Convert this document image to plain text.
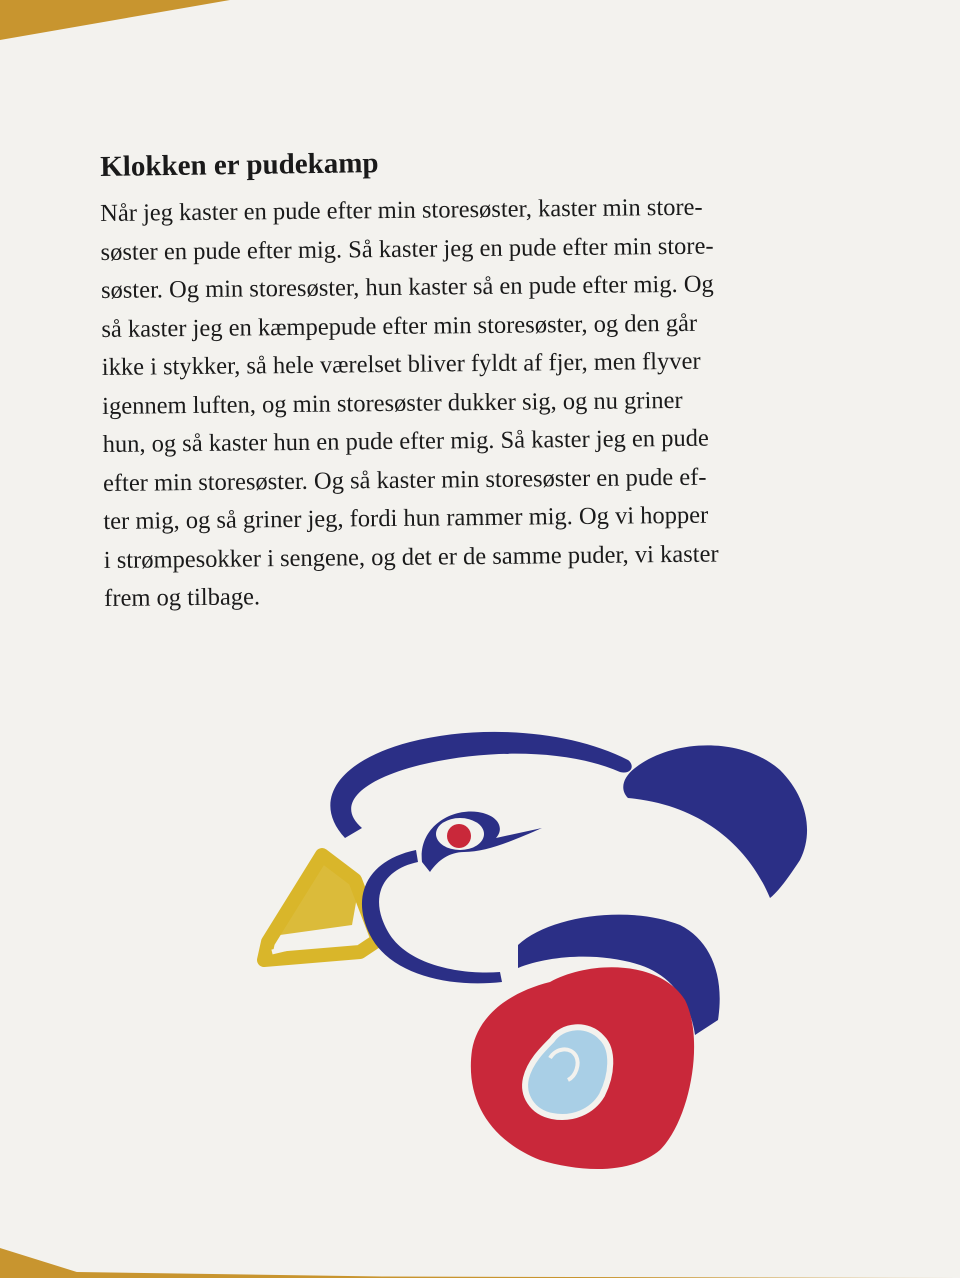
Klokken er pudekamp

Når jeg kaster en pude efter min storesøster, kaster min store-
søster en pude efter mig. Så kaster jeg en pude efter min store-
søster. Og min storesøster, hun kaster så en pude efter mig. Og
så kaster jeg en kæmpepude efter min storesøster, og den går
ikke i stykker, så hele værelset bliver fyldt af fjer, men flyver
igennem luften, og min storesøster dukker sig, og nu griner
hun, og så kaster hun en pude efter mig. Så kaster jeg en pude
efter min storesøster. Og så kaster min storesøster en pude ef-
ter mig, og så griner jeg, fordi hun rammer mig. Og vi hopper
i strømpesokker i sengene, og det er de samme puder, vi kaster
frem og tilbage.
